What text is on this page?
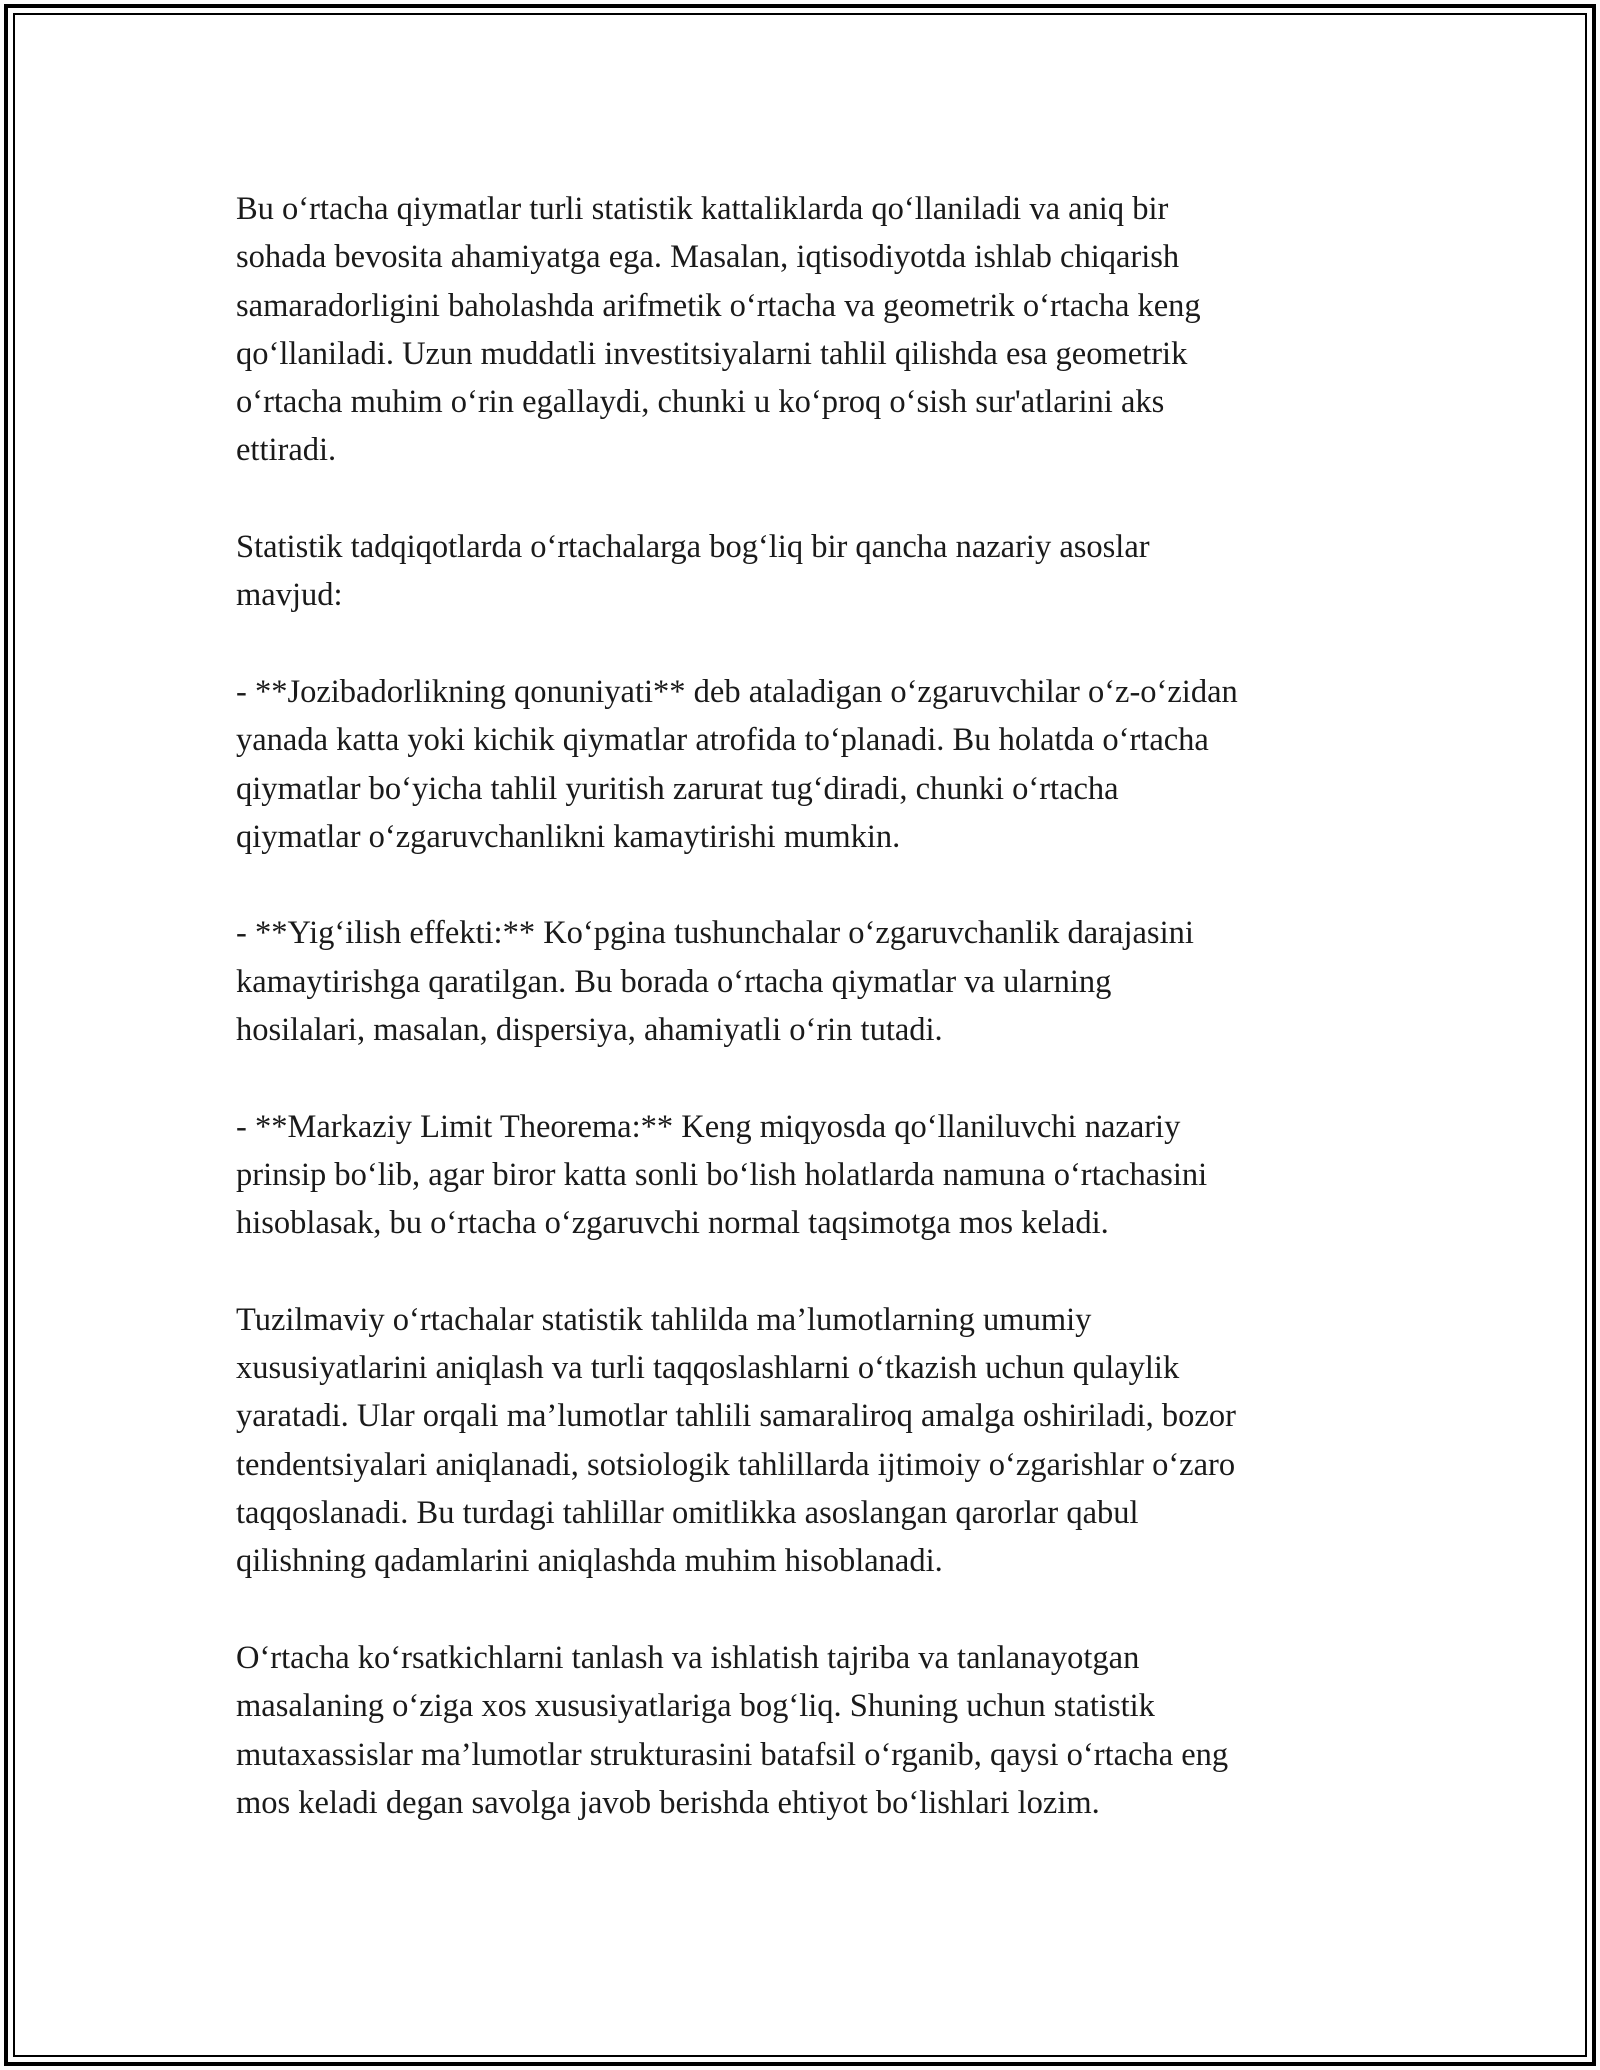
Bu o‘rtacha qiymatlar turli statistik kattaliklarda qo‘llaniladi va aniq bir
sohada bevosita ahamiyatga ega. Masalan, iqtisodiyotda ishlab chiqarish
samaradorligini baholashda arifmetik o‘rtacha va geometrik o‘rtacha keng
qo‘llaniladi. Uzun muddatli investitsiyalarni tahlil qilishda esa geometrik
o‘rtacha muhim o‘rin egallaydi, chunki u ko‘proq o‘sish sur'atlarini aks
ettiradi.

Statistik tadqiqotlarda o‘rtachalarga bog‘liq bir qancha nazariy asoslar
mavjud:

- **Jozibadorlikning qonuniyati** deb ataladigan o‘zgaruvchilar o‘z-o‘zidan
yanada katta yoki kichik qiymatlar atrofida to‘planadi. Bu holatda o‘rtacha
qiymatlar bo‘yicha tahlil yuritish zarurat tug‘diradi, chunki o‘rtacha
qiymatlar o‘zgaruvchanlikni kamaytirishi mumkin.

- **Yig‘ilish effekti:** Ko‘pgina tushunchalar o‘zgaruvchanlik darajasini
kamaytirishga qaratilgan. Bu borada o‘rtacha qiymatlar va ularning
hosilalari, masalan, dispersiya, ahamiyatli o‘rin tutadi.

- **Markaziy Limit Theorema:** Keng miqyosda qo‘llaniluvchi nazariy
prinsip bo‘lib, agar biror katta sonli bo‘lish holatlarda namuna o‘rtachasini
hisoblasak, bu o‘rtacha o‘zgaruvchi normal taqsimotga mos keladi.

Tuzilmaviy o‘rtachalar statistik tahlilda ma’lumotlarning umumiy
xususiyatlarini aniqlash va turli taqqoslashlarni o‘tkazish uchun qulaylik
yaratadi. Ular orqali ma’lumotlar tahlili samaraliroq amalga oshiriladi, bozor
tendentsiyalari aniqlanadi, sotsiologik tahlillarda ijtimoiy o‘zgarishlar o‘zaro
taqqoslanadi. Bu turdagi tahlillar omitlikka asoslangan qarorlar qabul
qilishning qadamlarini aniqlashda muhim hisoblanadi.

O‘rtacha ko‘rsatkichlarni tanlash va ishlatish tajriba va tanlanayotgan
masalaning o‘ziga xos xususiyatlariga bog‘liq. Shuning uchun statistik
mutaxassislar ma’lumotlar strukturasini batafsil o‘rganib, qaysi o‘rtacha eng
mos keladi degan savolga javob berishda ehtiyot bo‘lishlari lozim.
